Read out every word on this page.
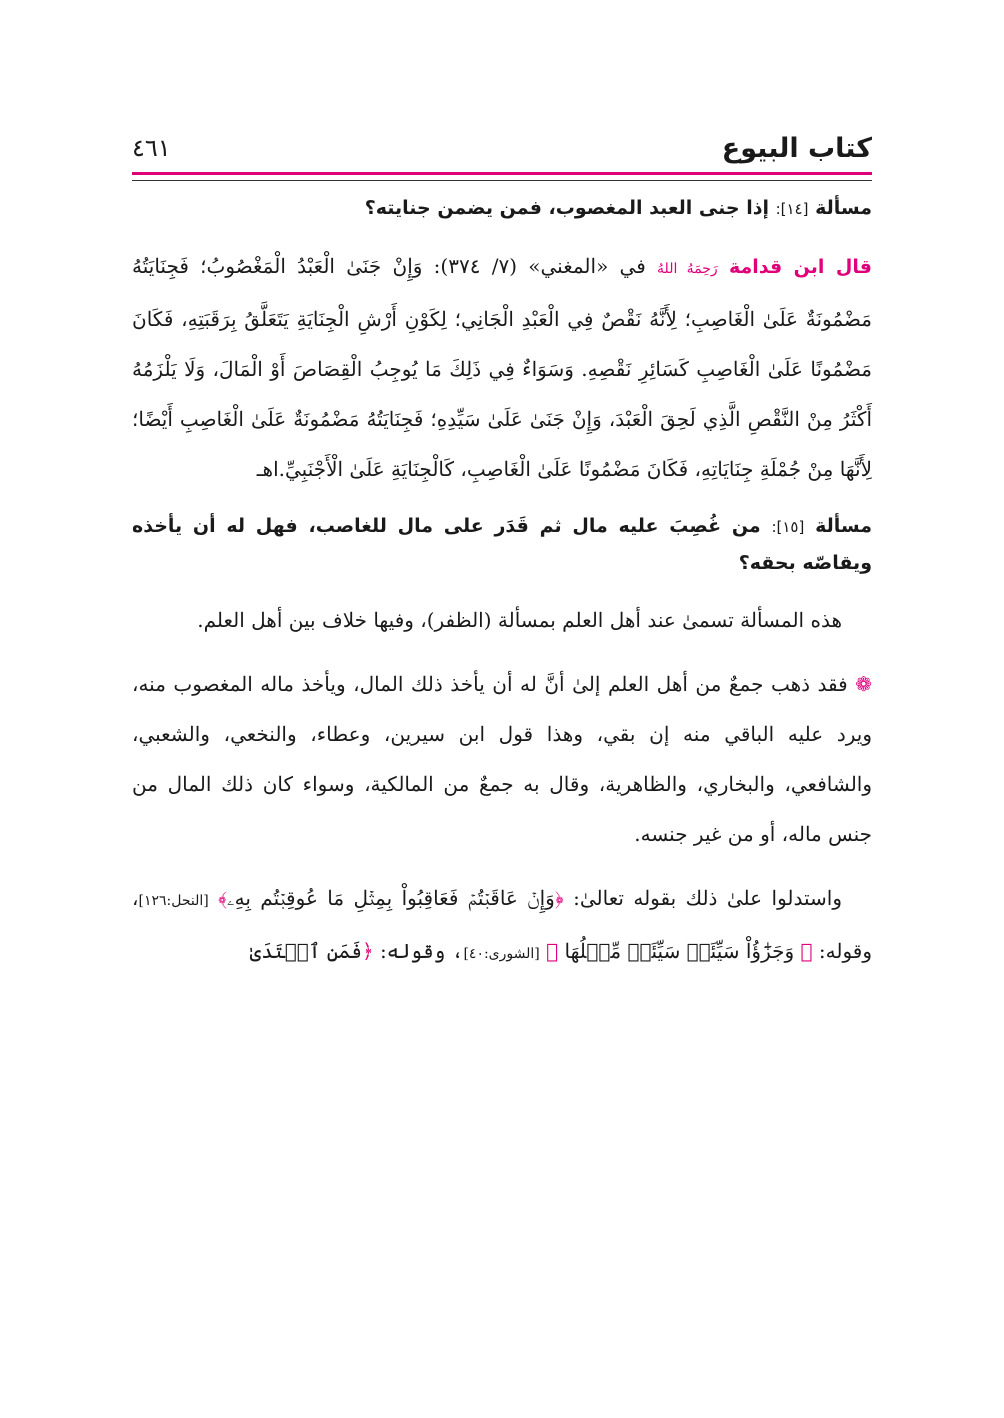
كتاب البيوع
٤٦١

مسألة [١٤]: إذا جنى العبد المغصوب، فمن يضمن جنايته؟

قال ابن قدامة رَحِمَهُ اللهُ في «المغني» (٧/ ٣٧٤): وَإِنْ جَنَىٰ الْعَبْدُ الْمَغْصُوبُ؛ فَجِنَايَتُهُ مَضْمُونَةٌ عَلَىٰ الْغَاصِبِ؛ لِأَنَّهُ نَقْصٌ فِي الْعَبْدِ الْجَانِي؛ لِكَوْنِ أَرْشِ الْجِنَايَةِ يَتَعَلَّقُ بِرَقَبَتِهِ، فَكَانَ مَضْمُونًا عَلَىٰ الْغَاصِبِ كَسَائِرِ نَقْصِهِ. وَسَوَاءٌ فِي ذَلِكَ مَا يُوجِبُ الْقِصَاصَ أَوْ الْمَالَ، وَلَا يَلْزَمُهُ أَكْثَرُ مِنْ النَّقْصِ الَّذِي لَحِقَ الْعَبْدَ، وَإِنْ جَنَىٰ عَلَىٰ سَيِّدِهِ؛ فَجِنَايَتُهُ مَضْمُونَةٌ عَلَىٰ الْغَاصِبِ أَيْضًا؛ لِأَنَّهَا مِنْ جُمْلَةِ جِنَايَاتِهِ، فَكَانَ مَضْمُونًا عَلَىٰ الْغَاصِبِ، كَالْجِنَايَةِ عَلَىٰ الْأَجْنَبِيِّ.اهـ

مسألة [١٥]: من غُصِبَ عليه مال ثم قَدَر على مال للغاصب، فهل له أن يأخذه ويقاصّه بحقه؟

هذه المسألة تسمىٰ عند أهل العلم بمسألة (الظفر)، وفيها خلاف بين أهل العلم.

❁ فقد ذهب جمعٌ من أهل العلم إلىٰ أنَّ له أن يأخذ ذلك المال، ويأخذ ماله المغصوب منه، ويرد عليه الباقي منه إن بقي، وهذا قول ابن سيرين، وعطاء، والنخعي، والشعبي، والشافعي، والبخاري، والظاهرية، وقال به جمعٌ من المالكية، وسواء كان ذلك المال من جنس ماله، أو من غير جنسه.

واستدلوا علىٰ ذلك بقوله تعالىٰ: ﴿وَإِنۡ عَاقَبۡتُمۡ فَعَاقِبُواْ بِمِثۡلِ مَا عُوقِبۡتُم بِهِۦ﴾ [النحل:١٢٦]، وقوله: ﴿ وَجَزَٰٓؤُاْ سَيِّئَةٖ سَيِّئَةٞ مِّثۡلُهَا ﴾ [الشورى:٤٠]، وقوله: ﴿فَمَنِ ٱعۡتَدَىٰ
